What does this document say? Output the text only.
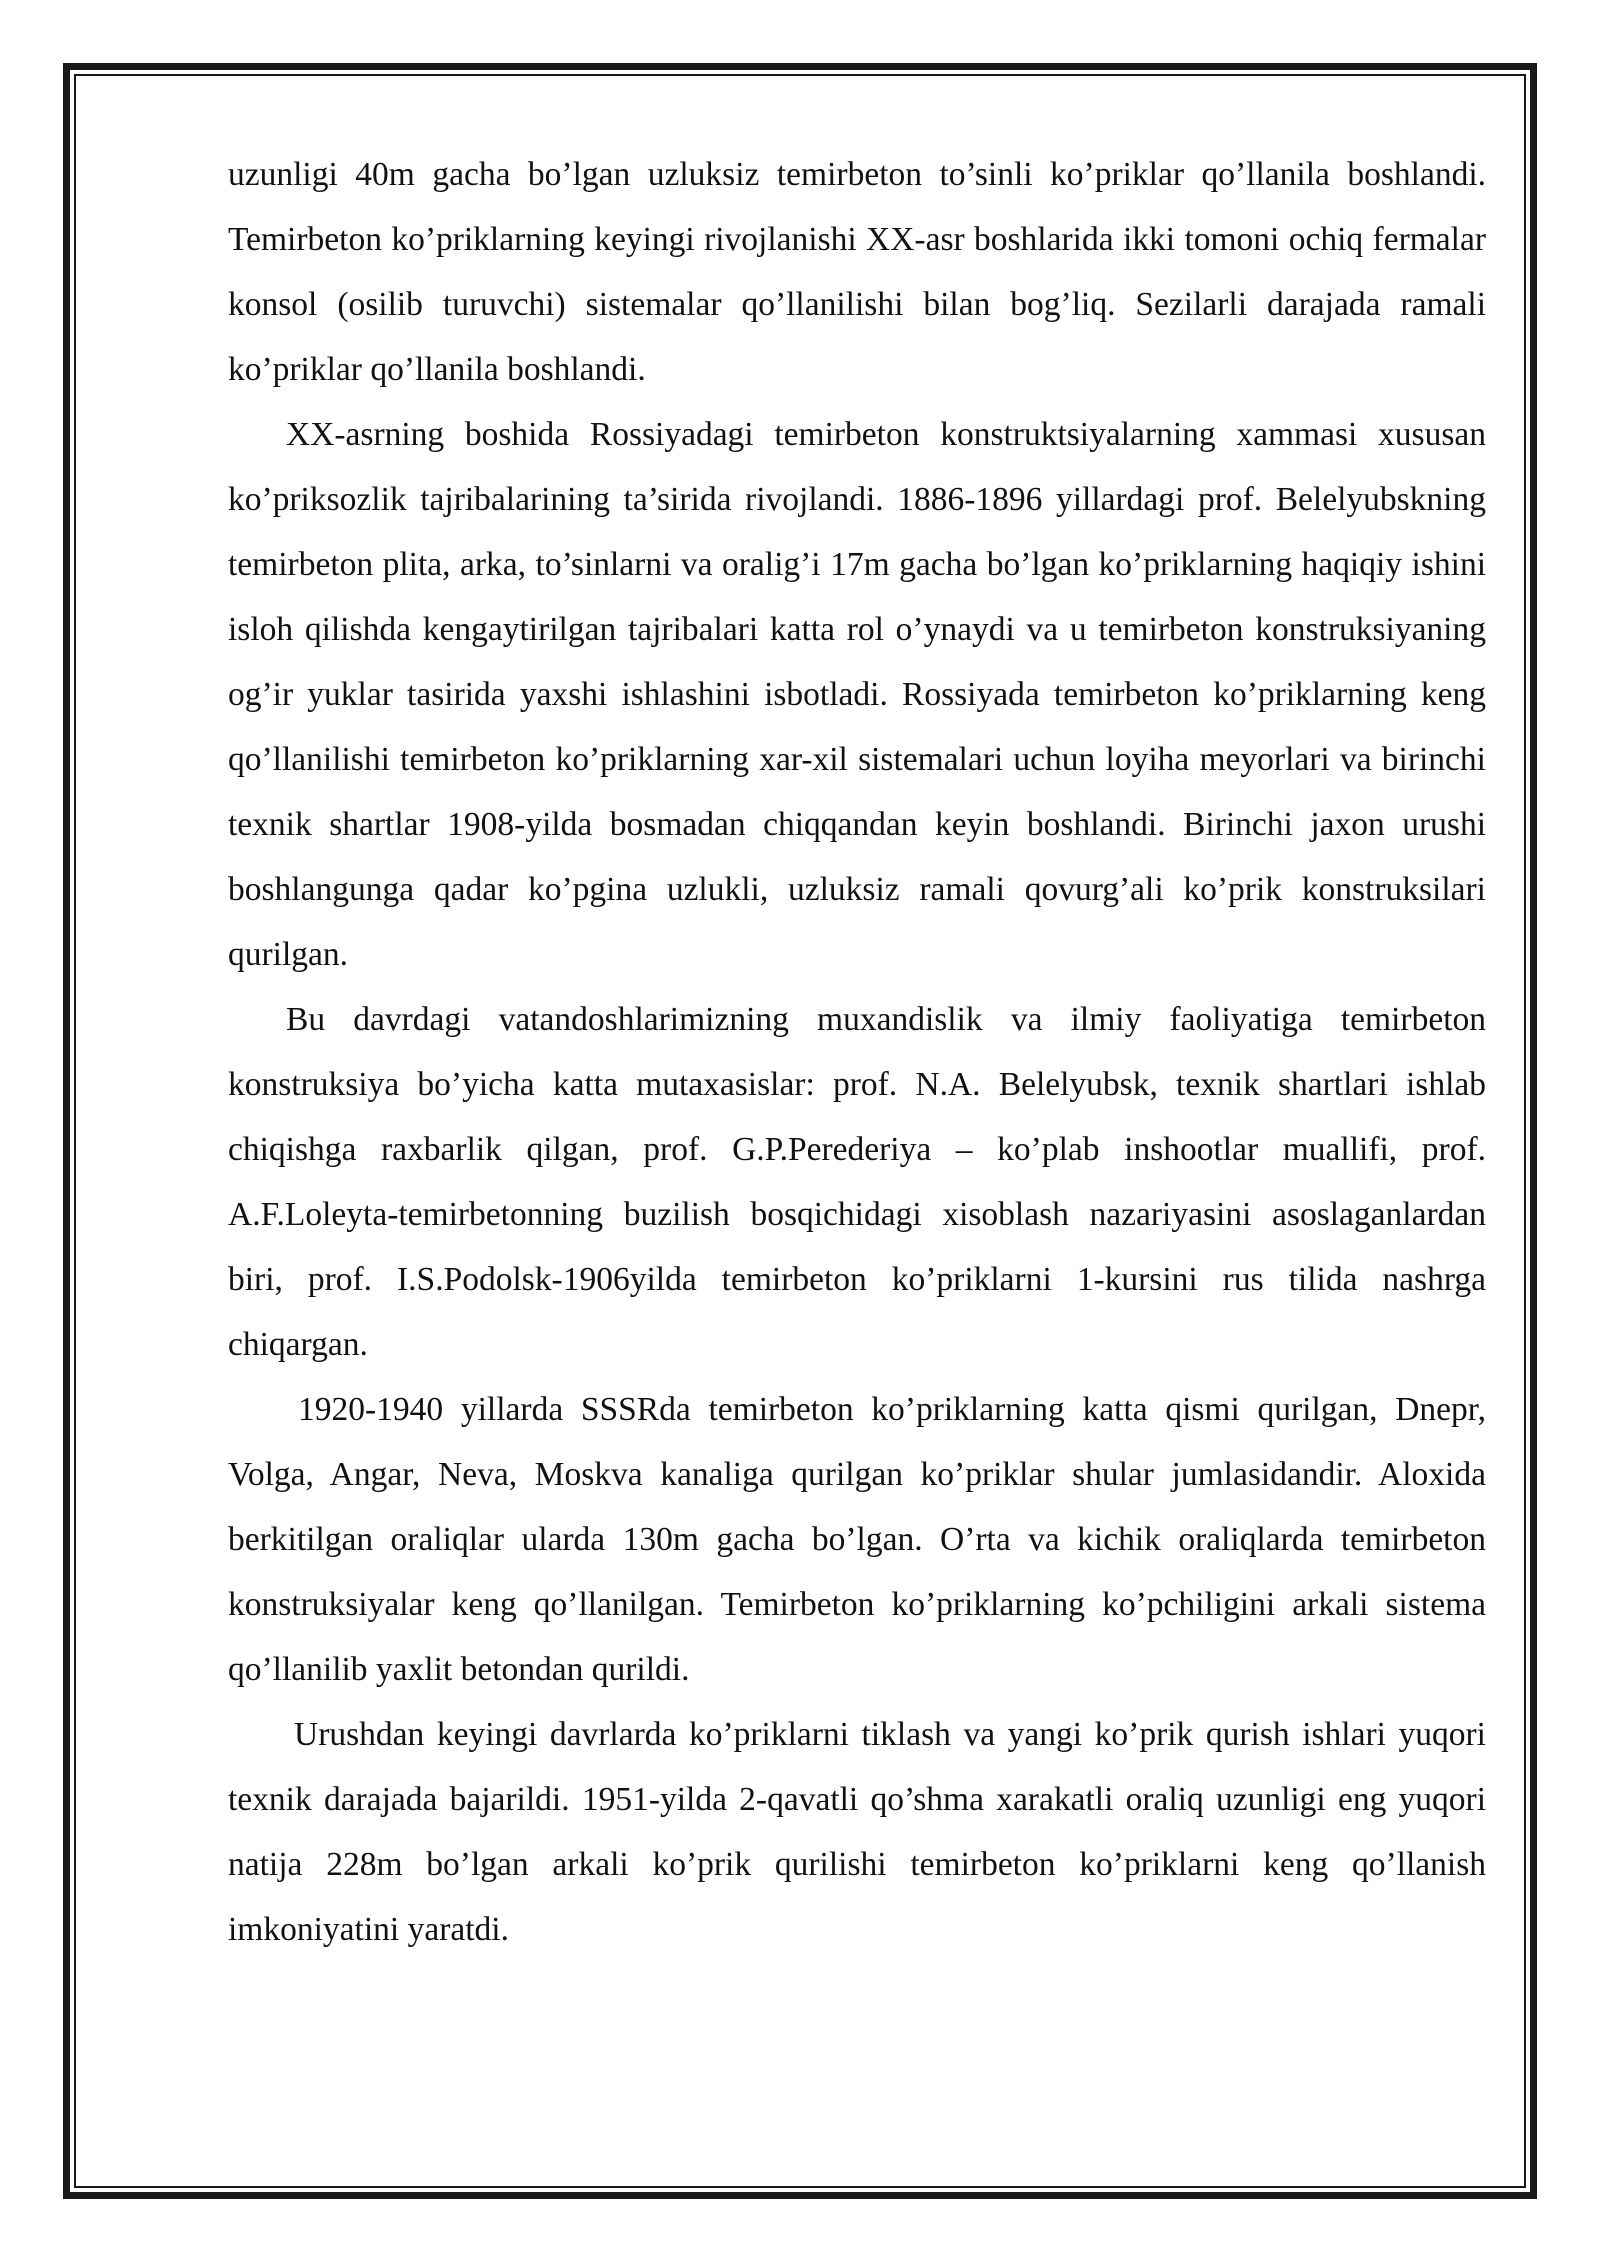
uzunligi 40m gacha bo’lgan uzluksiz temirbeton to’sinli ko’priklar qo’llanila boshlandi. Temirbeton ko’priklarning keyingi rivojlanishi XX-asr boshlarida ikki tomoni ochiq fermalar konsol (osilib turuvchi) sistemalar qo’llanilishi bilan bog’liq. Sezilarli darajada ramali ko’priklar qo’llanila boshlandi.

XX-asrning boshida Rossiyadagi temirbeton konstruktsiyalarning xammasi xususan ko’priksozlik tajribalarining ta’sirida rivojlandi. 1886-1896 yillardagi prof. Belelyubskning temirbeton plita, arka, to’sinlarni va oralig’i 17m gacha bo’lgan ko’priklarning haqiqiy ishini isloh qilishda kengaytirilgan tajribalari katta rol o’ynaydi va u temirbeton konstruksiyaning og’ir yuklar tasirida yaxshi ishlashini isbotladi. Rossiyada temirbeton ko’priklarning keng qo’llanilishi temirbeton ko’priklarning xar-xil sistemalari uchun loyiha meyorlari va birinchi texnik shartlar 1908-yilda bosmadan chiqqandan keyin boshlandi. Birinchi jaxon urushi boshlangunga qadar ko’pgina uzlukli, uzluksiz ramali qovurg’ali ko’prik konstruksilari qurilgan.

Bu davrdagi vatandoshlarimizning muxandislik va ilmiy faoliyatiga temirbeton konstruksiya bo’yicha katta mutaxasislar: prof. N.A. Belelyubsk, texnik shartlari ishlab chiqishga raxbarlik qilgan, prof. G.P.Perederiya – ko’plab inshootlar muallifi, prof. A.F.Loleyta-temirbetonning buzilish bosqichidagi xisoblash nazariyasini asoslaganlardan biri, prof. I.S.Podolsk-1906yilda temirbeton ko’priklarni 1-kursini rus tilida nashrga chiqargan.

1920-1940 yillarda SSSRda temirbeton ko’priklarning katta qismi qurilgan, Dnepr, Volga, Angar, Neva, Moskva kanaliga qurilgan ko’priklar shular jumlasidandir. Aloxida berkitilgan oraliqlar ularda 130m gacha bo’lgan. O’rta va kichik oraliqlarda temirbeton konstruksiyalar keng qo’llanilgan. Temirbeton ko’priklarning ko’pchiligini arkali sistema qo’llanilib yaxlit betondan qurildi.

Urushdan keyingi davrlarda ko’priklarni tiklash va yangi ko’prik qurish ishlari yuqori texnik darajada bajarildi. 1951-yilda 2-qavatli qo’shma xarakatli oraliq uzunligi eng yuqori natija 228m bo’lgan arkali ko’prik qurilishi temirbeton ko’priklarni keng qo’llanish imkoniyatini yaratdi.
